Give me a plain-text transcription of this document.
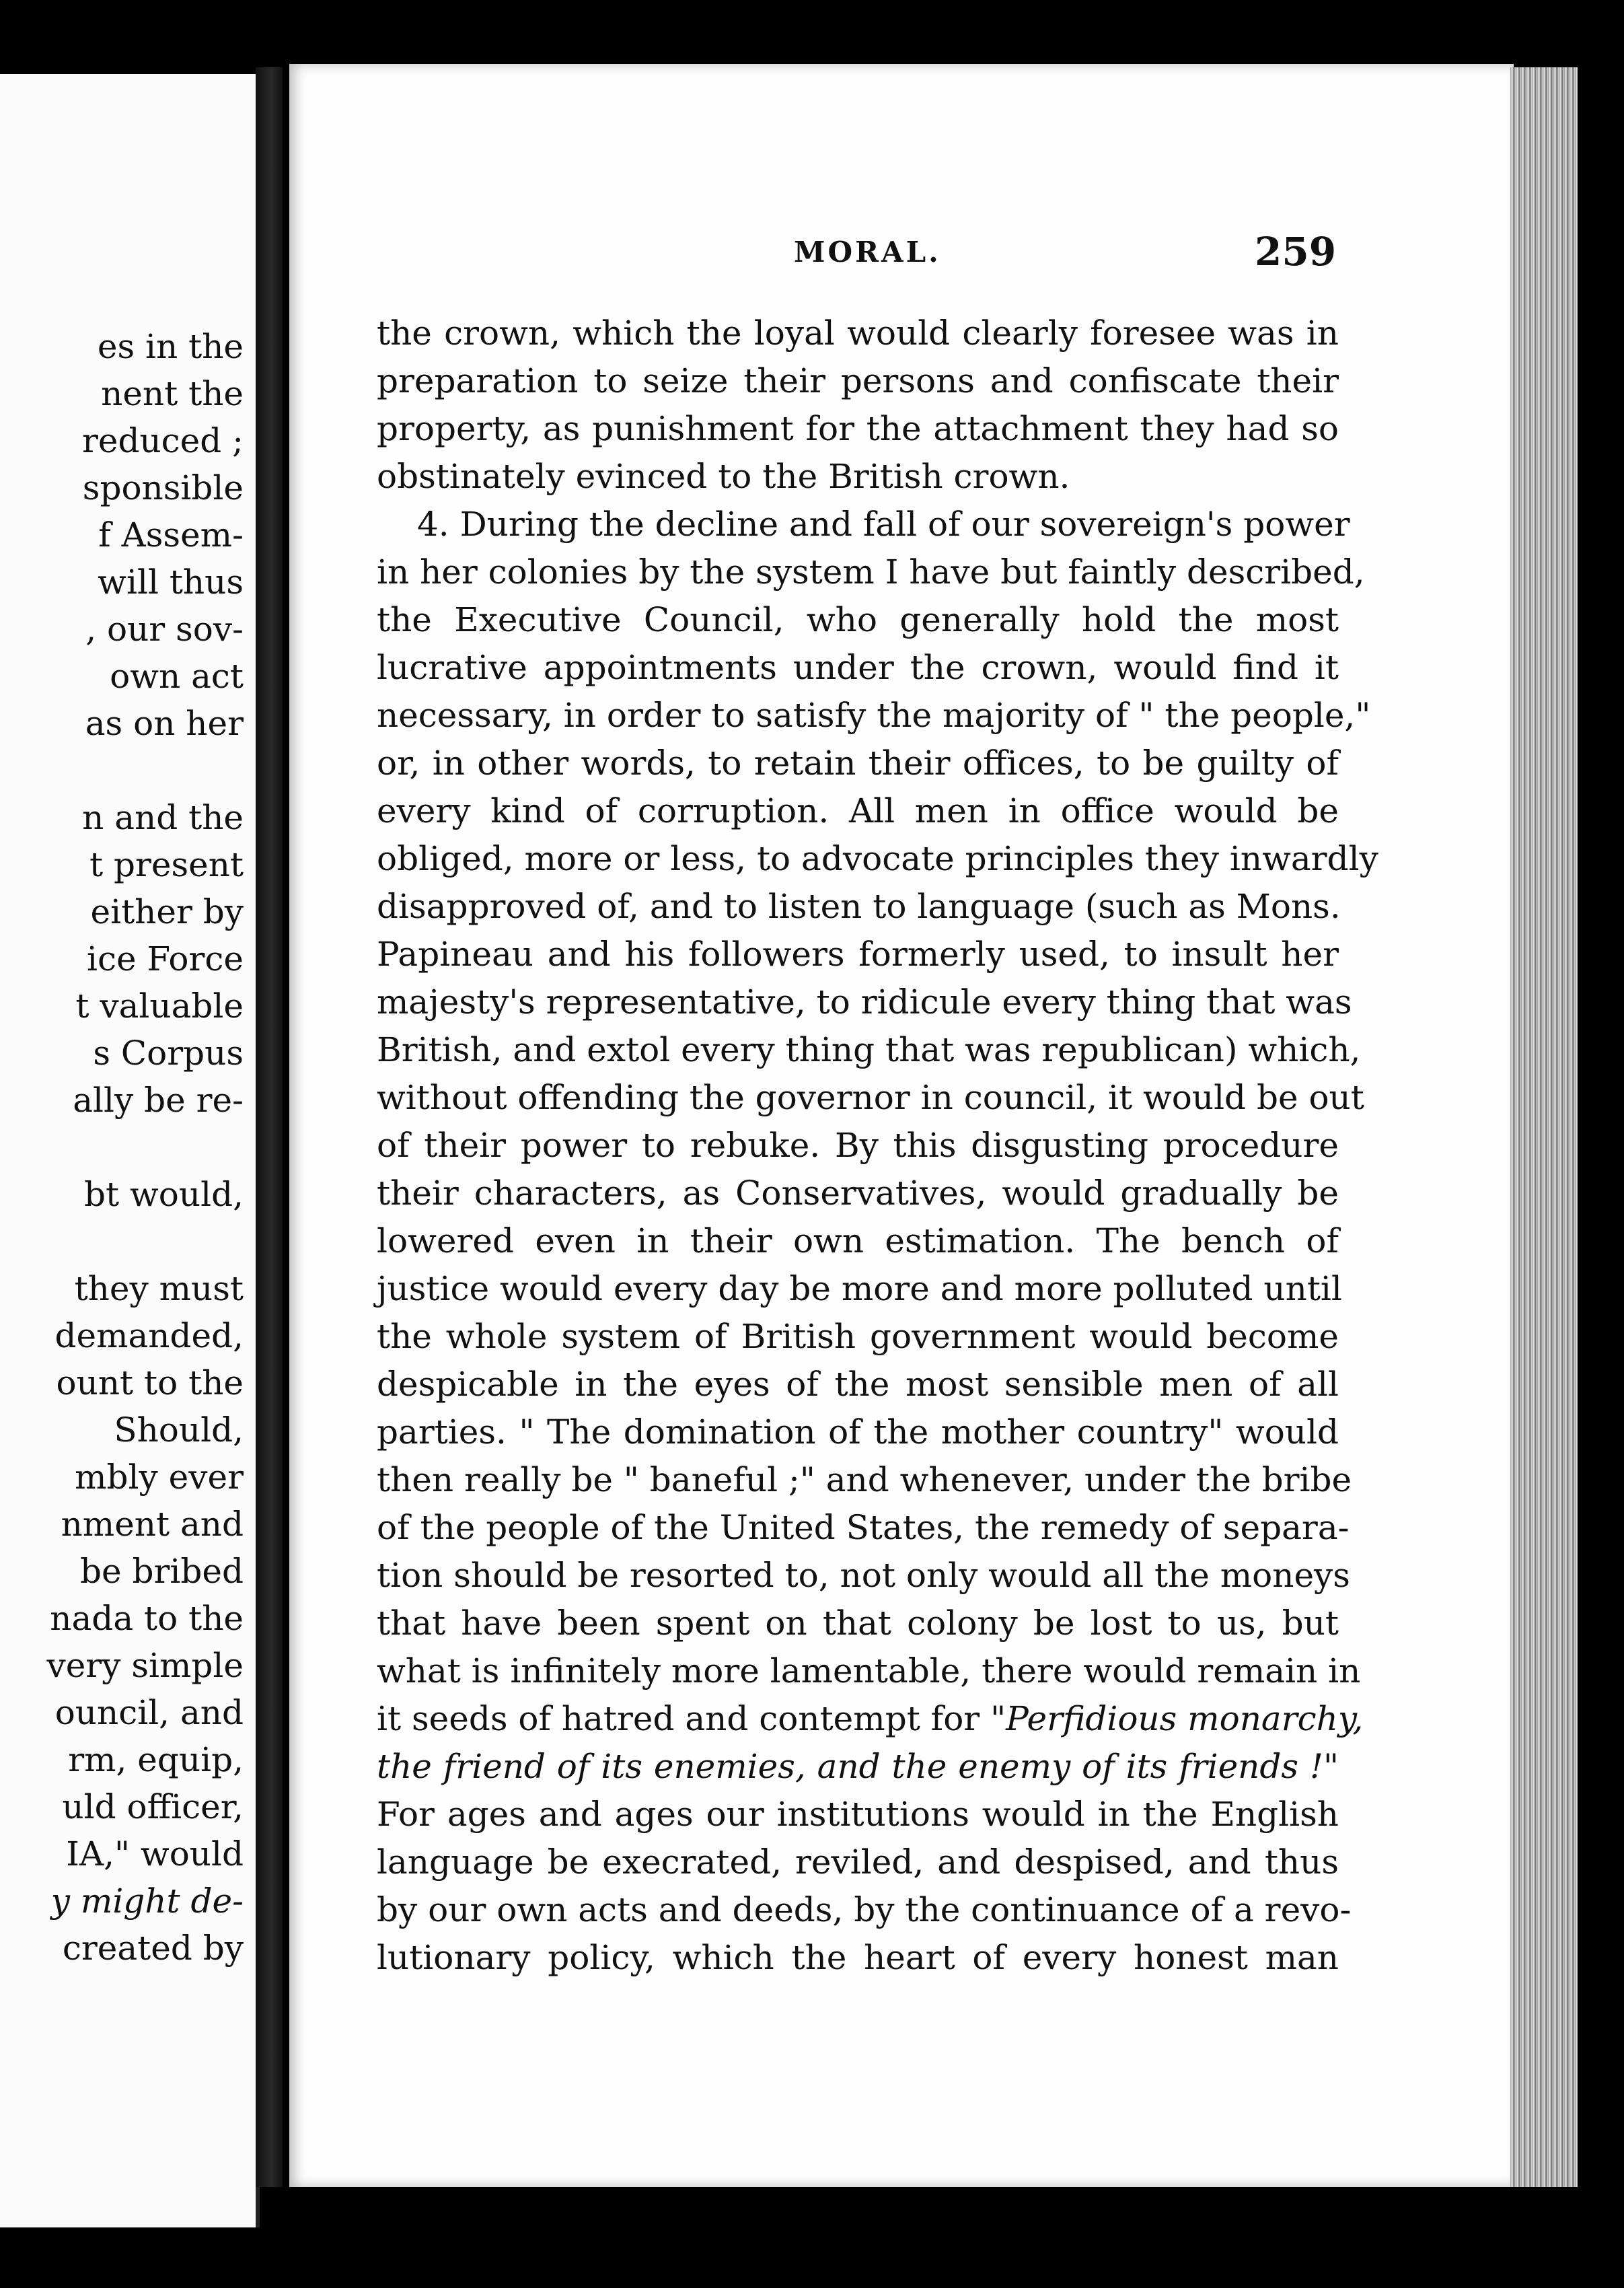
es in the
nent the
reduced ;
sponsible
f Assem-
will thus
, our sov-
own act
as on her
n and the
t present
either by
ice Force
t valuable
s Corpus
ally be re-
bt would,
they must
demanded,
ount to the
Should,
mbly ever
nment and
be bribed
nada to the
very simple
ouncil, and
rm, equip,
uld officer,
IA," would
y might de-
created by
MORAL.	259
the crown, which the loyal would clearly foresee was in
preparation to seize their persons and confiscate their
property, as punishment for the attachment they had so
obstinately evinced to the British crown.
4. During the decline and fall of our sovereign's power
in her colonies by the system I have but faintly described,
the Executive Council, who generally hold the most
lucrative appointments under the crown, would find it
necessary, in order to satisfy the majority of " the people,"
or, in other words, to retain their offices, to be guilty of
every kind of corruption. All men in office would be
obliged, more or less, to advocate principles they inwardly
disapproved of, and to listen to language (such as Mons.
Papineau and his followers formerly used, to insult her
majesty's representative, to ridicule every thing that was
British, and extol every thing that was republican) which,
without offending the governor in council, it would be out
of their power to rebuke. By this disgusting procedure
their characters, as Conservatives, would gradually be
lowered even in their own estimation. The bench of
justice would every day be more and more polluted until
the whole system of British government would become
despicable in the eyes of the most sensible men of all
parties. " The domination of the mother country" would
then really be " baneful ;" and whenever, under the bribe
of the people of the United States, the remedy of separa-
tion should be resorted to, not only would all the moneys
that have been spent on that colony be lost to us, but
what is infinitely more lamentable, there would remain in
it seeds of hatred and contempt for "Perfidious monarchy,
the friend of its enemies, and the enemy of its friends !"
For ages and ages our institutions would in the English
language be execrated, reviled, and despised, and thus
by our own acts and deeds, by the continuance of a revo-
lutionary policy, which the heart of every honest man
